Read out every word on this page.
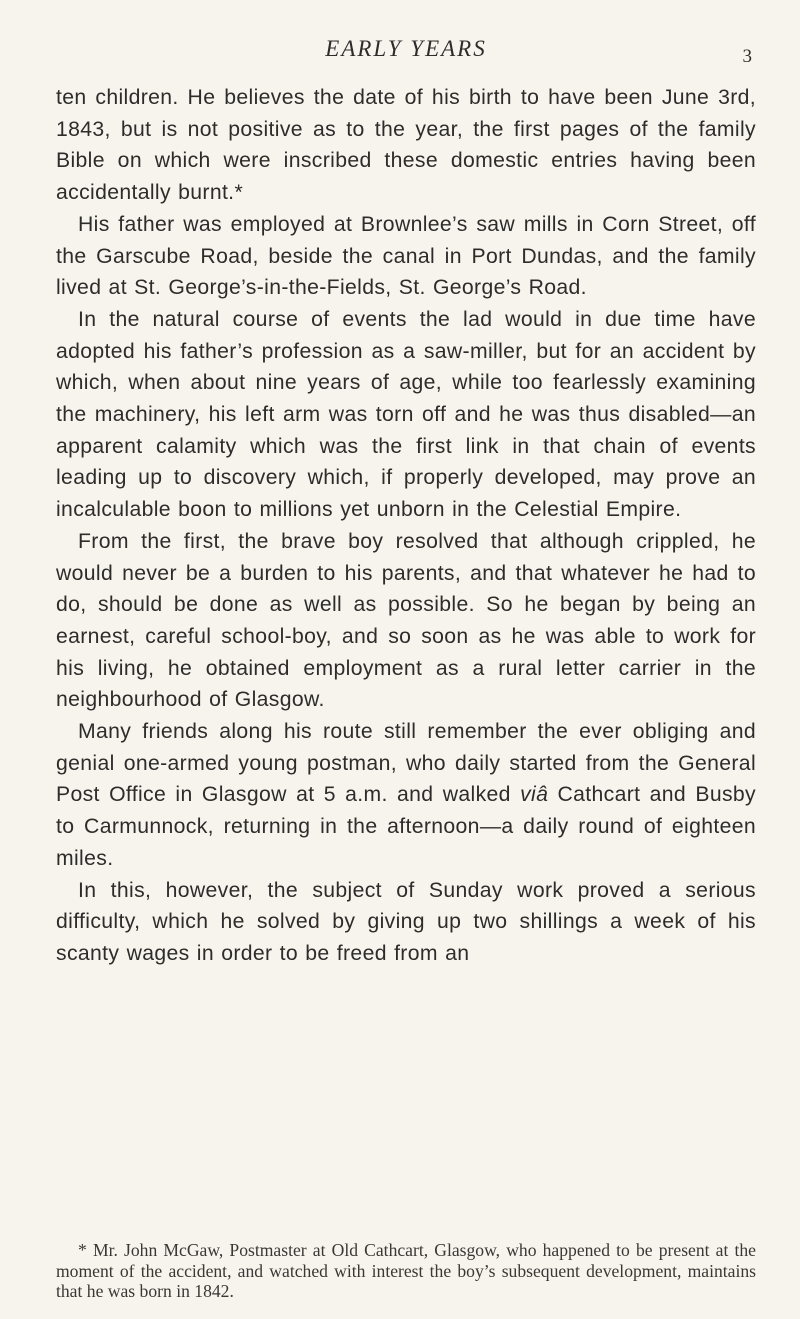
EARLY YEARS	3

ten children. He believes the date of his birth to have been June 3rd, 1843, but is not positive as to the year, the first pages of the family Bible on which were inscribed these domestic entries having been accidentally burnt.*

His father was employed at Brownlee’s saw mills in Corn Street, off the Garscube Road, beside the canal in Port Dundas, and the family lived at St. George’s-in-the-Fields, St. George’s Road.

In the natural course of events the lad would in due time have adopted his father’s profession as a saw-miller, but for an accident by which, when about nine years of age, while too fearlessly examining the machinery, his left arm was torn off and he was thus disabled—an apparent calamity which was the first link in that chain of events leading up to discovery which, if properly developed, may prove an incalculable boon to millions yet unborn in the Celestial Empire.

From the first, the brave boy resolved that although crippled, he would never be a burden to his parents, and that whatever he had to do, should be done as well as possible. So he began by being an earnest, careful school-boy, and so soon as he was able to work for his living, he obtained employment as a rural letter carrier in the neighbourhood of Glasgow.

Many friends along his route still remember the ever obliging and genial one-armed young postman, who daily started from the General Post Office in Glasgow at 5 a.m. and walked viâ Cathcart and Busby to Carmunnock, returning in the afternoon—a daily round of eighteen miles.

In this, however, the subject of Sunday work proved a serious difficulty, which he solved by giving up two shillings a week of his scanty wages in order to be freed from an

* Mr. John McGaw, Postmaster at Old Cathcart, Glasgow, who happened to be present at the moment of the accident, and watched with interest the boy’s subsequent development, maintains that he was born in 1842.
